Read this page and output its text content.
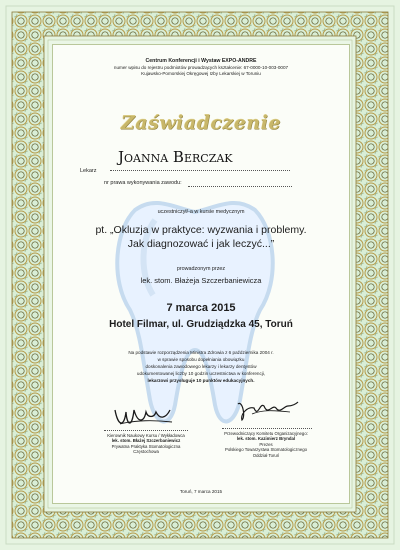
Centrum Konferencji i Wystaw EXPO-ANDRE
numer wpisu do rejestru podmiotów prowadzących kształcenie: 67-0000-10-003-0007
Kujawsko-Pomorskiej Okręgowej Izby Lekarskiej w Toruniu
Zaświadczenie
Lekarz
Joanna Berczak
nr prawa wykonywania zawodu:
uczestniczył/-a w kursie medycznym
pt. „Okluzja w praktyce: wyzwania i problemy.
Jak diagnozować i jak leczyć...”
prowadzonym przez
lek. stom. Błażeja Szczerbaniewicza
7 marca 2015
Hotel Filmar, ul. Grudziądzka 45, Toruń
Na podstawie rozporządzenia Ministra Zdrowia z 6 października 2004 r.
w sprawie sposobu dopełniania obowiązku
doskonalenia zawodowego lekarzy i lekarzy dentystów
udokumentowanej liczby 10 godzin uczestnictwa w konferencji,
lekarzowi przysługuje 10 punktów edukacyjnych.
Kierownik Naukowy Kursu / Wykładowca
lek. stom. Błażej Szczerbaniewicz
Prywatna Praktyka Stomatologiczna
Częstochowa
Przewodniczący Komitetu Organizacyjnego:
lek. stom. Kazimierz Bryndal
Prezes
Polskiego Towarzystwa Stomatologicznego
Oddział Toruń
Toruń, 7 marca 2015
